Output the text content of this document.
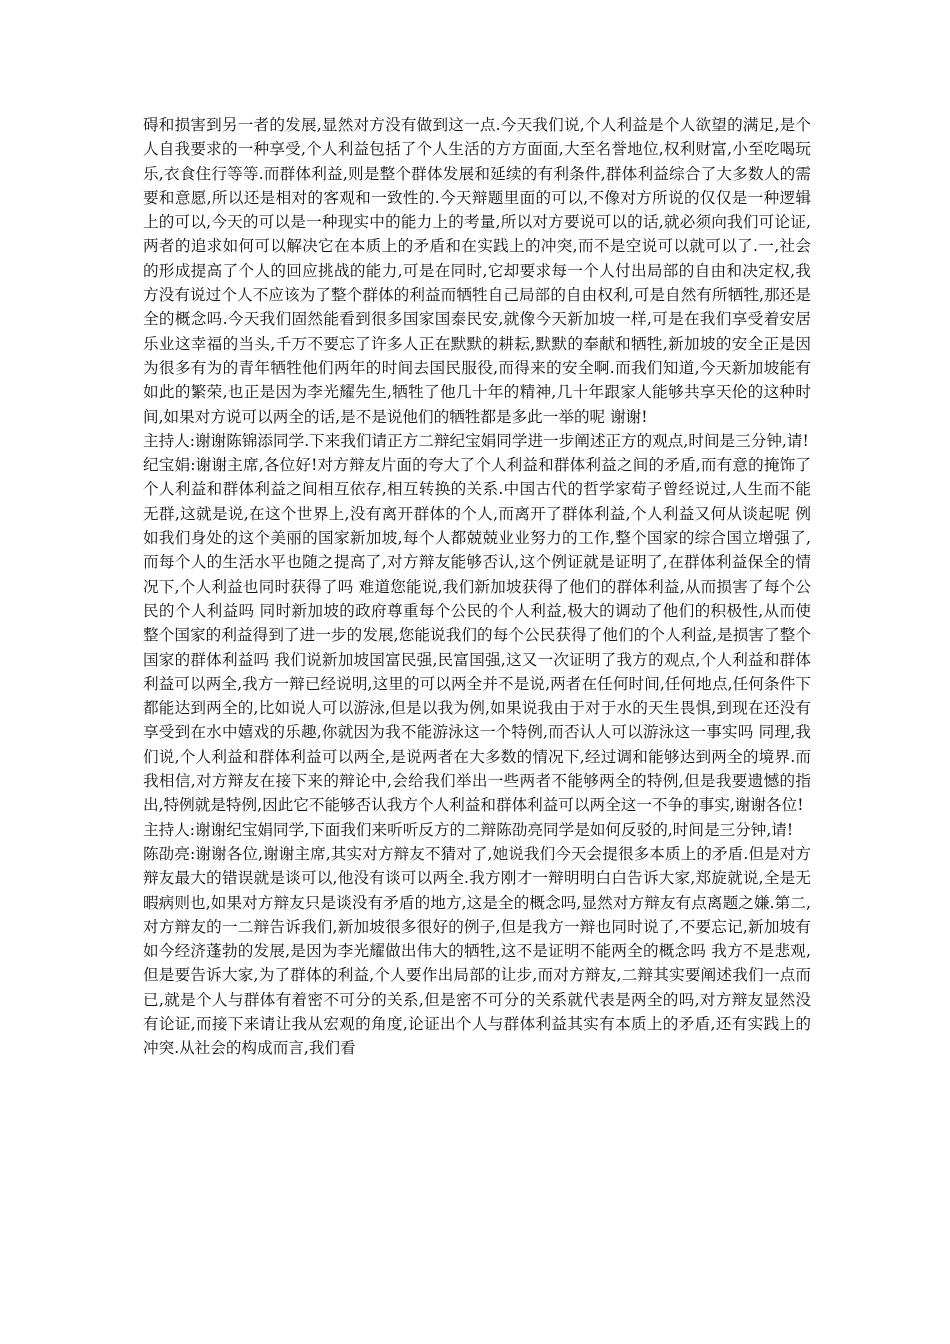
碍和损害到另一者的发展,显然对方没有做到这一点.今天我们说,个人利益是个人欲望的满足,是个人自我要求的一种享受,个人利益包括了个人生活的方方面面,大至名誉地位,权利财富,小至吃喝玩乐,衣食住行等等.而群体利益,则是整个群体发展和延续的有利条件,群体利益综合了大多数人的需要和意愿,所以还是相对的客观和一致性的.今天辩题里面的可以,不像对方所说的仅仅是一种逻辑上的可以,今天的可以是一种现实中的能力上的考量,所以对方要说可以的话,就必须向我们可论证,两者的追求如何可以解决它在本质上的矛盾和在实践上的冲突,而不是空说可以就可以了.一,社会的形成提高了个人的回应挑战的能力,可是在同时,它却要求每一个人付出局部的自由和决定权,我方没有说过个人不应该为了整个群体的利益而牺牲自己局部的自由权利,可是自然有所牺牲,那还是全的概念吗.今天我们固然能看到很多国家国泰民安,就像今天新加坡一样,可是在我们享受着安居乐业这幸福的当头,千万不要忘了许多人正在默默的耕耘,默默的奉献和牺牲,新加坡的安全正是因为很多有为的青年牺牲他们两年的时间去国民服役,而得来的安全啊.而我们知道,今天新加坡能有如此的繁荣,也正是因为李光耀先生,牺牲了他几十年的精神,几十年跟家人能够共享天伦的这种时间,如果对方说可以两全的话,是不是说他们的牺牲都是多此一举的呢 谢谢!

主持人:谢谢陈锦添同学.下来我们请正方二辩纪宝娟同学进一步阐述正方的观点,时间是三分钟,请!

纪宝娟:谢谢主席,各位好!对方辩友片面的夸大了个人利益和群体利益之间的矛盾,而有意的掩饰了个人利益和群体利益之间相互依存,相互转换的关系.中国古代的哲学家荀子曾经说过,人生而不能无群,这就是说,在这个世界上,没有离开群体的个人,而离开了群体利益,个人利益又何从谈起呢 例如我们身处的这个美丽的国家新加坡,每个人都兢兢业业努力的工作,整个国家的综合国立增强了,而每个人的生活水平也随之提高了,对方辩友能够否认,这个例证就是证明了,在群体利益保全的情况下,个人利益也同时获得了吗 难道您能说,我们新加坡获得了他们的群体利益,从而损害了每个公民的个人利益吗 同时新加坡的政府尊重每个公民的个人利益,极大的调动了他们的积极性,从而使整个国家的利益得到了进一步的发展,您能说我们的每个公民获得了他们的个人利益,是损害了整个国家的群体利益吗 我们说新加坡国富民强,民富国强,这又一次证明了我方的观点,个人利益和群体利益可以两全,我方一辩已经说明,这里的可以两全并不是说,两者在任何时间,任何地点,任何条件下都能达到两全的,比如说人可以游泳,但是以我为例,如果说我由于对于水的天生畏惧,到现在还没有享受到在水中嬉戏的乐趣,你就因为我不能游泳这一个特例,而否认人可以游泳这一事实吗 同理,我们说,个人利益和群体利益可以两全,是说两者在大多数的情况下,经过调和能够达到两全的境界.而我相信,对方辩友在接下来的辩论中,会给我们举出一些两者不能够两全的特例,但是我要遗憾的指出,特例就是特例,因此它不能够否认我方个人利益和群体利益可以两全这一不争的事实,谢谢各位!

主持人:谢谢纪宝娟同学,下面我们来听听反方的二辩陈劭亮同学是如何反驳的,时间是三分钟,请!

陈劭亮:谢谢各位,谢谢主席,其实对方辩友不猜对了,她说我们今天会提很多本质上的矛盾.但是对方辩友最大的错误就是谈可以,他没有谈可以两全.我方刚才一辩明明白白告诉大家,郑旋就说,全是无暇病则也,如果对方辩友只是谈没有矛盾的地方,这是全的概念吗,显然对方辩友有点离题之嫌.第二,对方辩友的一二辩告诉我们,新加坡很多很好的例子,但是我方一辩也同时说了,不要忘记,新加坡有如今经济蓬勃的发展,是因为李光耀做出伟大的牺牲,这不是证明不能两全的概念吗 我方不是悲观,但是要告诉大家,为了群体的利益,个人要作出局部的让步,而对方辩友,二辩其实要阐述我们一点而已,就是个人与群体有着密不可分的关系,但是密不可分的关系就代表是两全的吗,对方辩友显然没有论证,而接下来请让我从宏观的角度,论证出个人与群体利益其实有本质上的矛盾,还有实践上的冲突.从社会的构成而言,我们看
